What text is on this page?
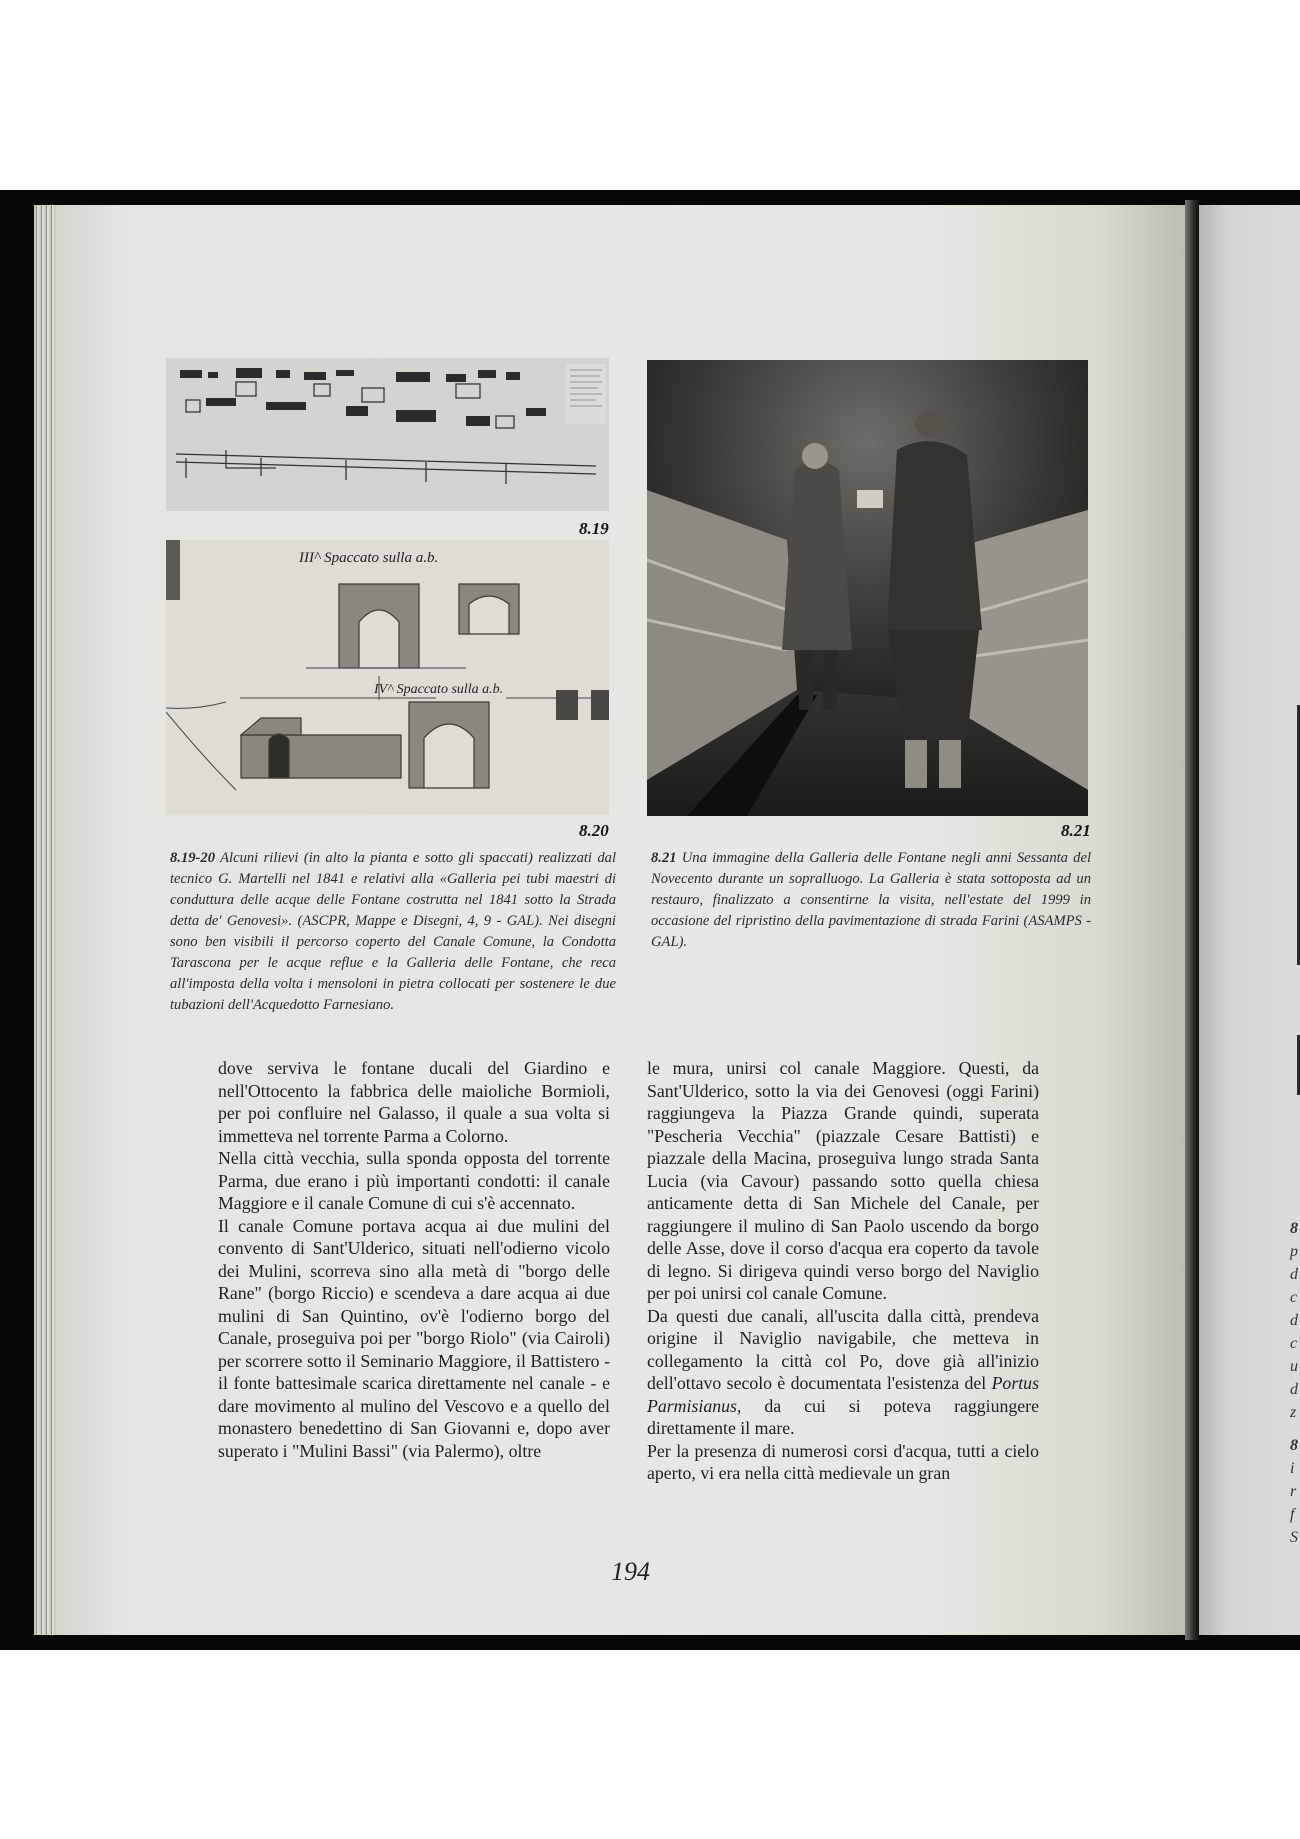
8
p
d
c
d
c
u
d
z
8
i
r
f
S
8.19
III^ Spaccato sulla a.b.
IV^ Spaccato sulla a.b.
8.20	8.21

8.19-20 Alcuni rilievi (in alto la pianta e sotto gli spaccati) realizzati dal tecnico G. Martelli nel 1841 e relativi alla «Galleria pei tubi maestri di conduttura delle acque delle Fontane costrutta nel 1841 sotto la Strada detta de' Genovesi». (ASCPR, Mappe e Disegni, 4, 9 - GAL). Nei disegni sono ben visibili il percorso coperto del Canale Comune, la Condotta Tarascona per le acque reflue e la Galleria delle Fontane, che reca all'imposta della volta i mensoloni in pietra collocati per sostenere le due tubazioni dell'Acquedotto Farnesiano.

8.21 Una immagine della Galleria delle Fontane negli anni Sessanta del Novecento durante un sopralluogo. La Galleria è stata sottoposta ad un restauro, finalizzato a consentirne la visita, nell'estate del 1999 in occasione del ripristino della pavimentazione di strada Farini (ASAMPS - GAL).

dove serviva le fontane ducali del Giardino e nell'Ottocento la fabbrica delle maioliche Bormioli, per poi confluire nel Galasso, il quale a sua volta si immetteva nel torrente Parma a Colorno.

Nella città vecchia, sulla sponda opposta del torrente Parma, due erano i più importanti condotti: il canale Maggiore e il canale Comune di cui s'è accennato.

Il canale Comune portava acqua ai due mulini del convento di Sant'Ulderico, situati nell'odierno vicolo dei Mulini, scorreva sino alla metà di "borgo delle Rane" (borgo Riccio) e scendeva a dare acqua ai due mulini di San Quintino, ov'è l'odierno borgo del Canale, proseguiva poi per "borgo Riolo" (via Cairoli) per scorrere sotto il Seminario Maggiore, il Battistero - il fonte battesimale scarica direttamente nel canale - e dare movimento al mulino del Vescovo e a quello del monastero benedettino di San Giovanni e, dopo aver superato i "Mulini Bassi" (via Palermo), oltre

le mura, unirsi col canale Maggiore. Questi, da Sant'Ulderico, sotto la via dei Genovesi (oggi Farini) raggiungeva la Piazza Grande quindi, superata "Pescheria Vecchia" (piazzale Cesare Battisti) e piazzale della Macina, proseguiva lungo strada Santa Lucia (via Cavour) passando sotto quella chiesa anticamente detta di San Michele del Canale, per raggiungere il mulino di San Paolo uscendo da borgo delle Asse, dove il corso d'acqua era coperto da tavole di legno. Si dirigeva quindi verso borgo del Naviglio per poi unirsi col canale Comune.

Da questi due canali, all'uscita dalla città, prendeva origine il Naviglio navigabile, che metteva in collegamento la città col Po, dove già all'inizio dell'ottavo secolo è documentata l'esistenza del Portus Parmisianus, da cui si poteva raggiungere direttamente il mare.

Per la presenza di numerosi corsi d'acqua, tutti a cielo aperto, vi era nella città medievale un gran

194
